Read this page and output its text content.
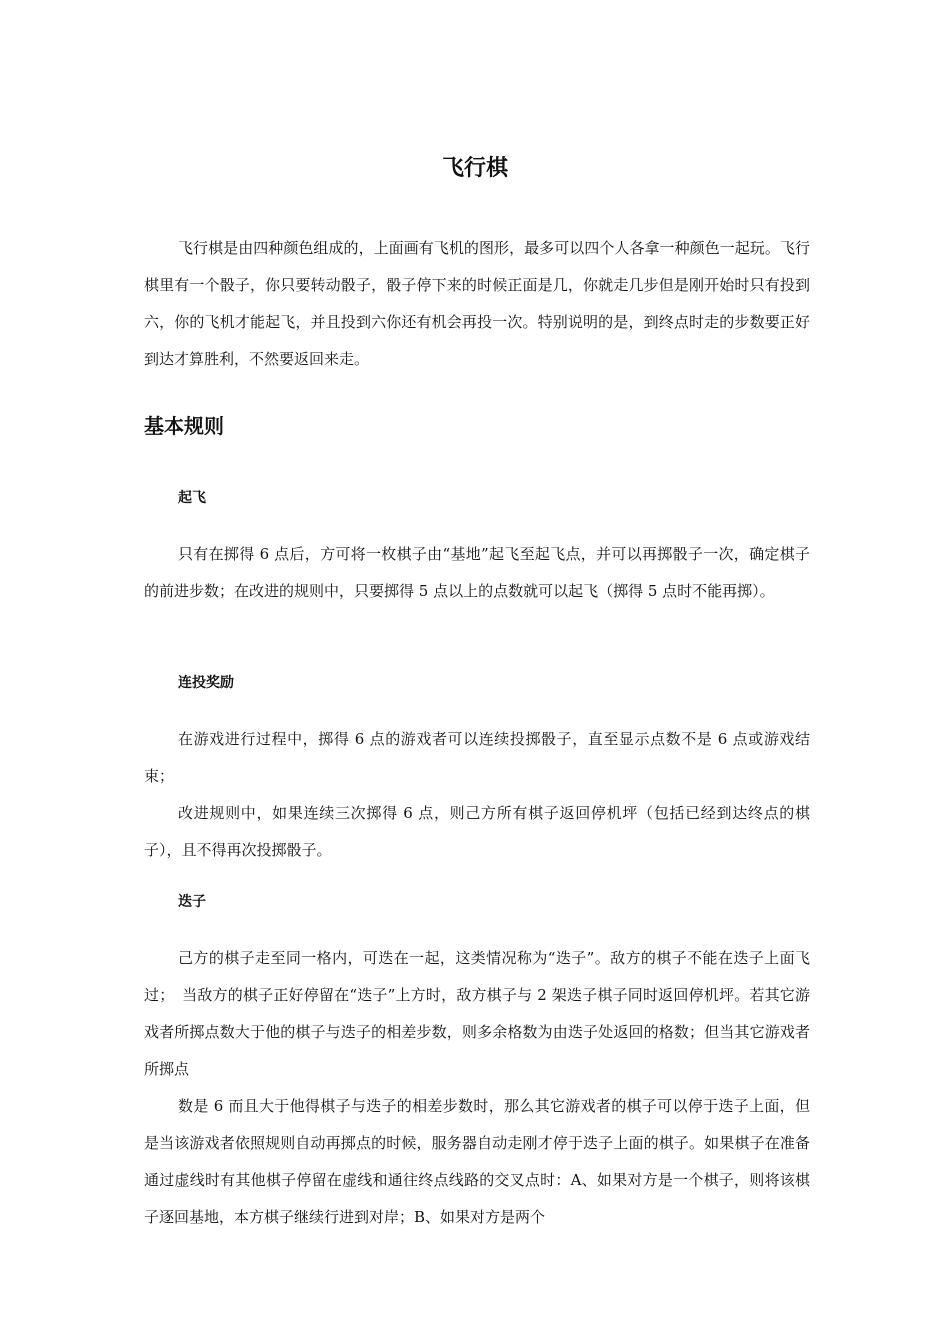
飞行棋

飞行棋是由四种颜色组成的，上面画有飞机的图形，最多可以四个人各拿一种颜色一起玩。飞行棋里有一个骰子，你只要转动骰子，骰子停下来的时候正面是几，你就走几步但是刚开始时只有投到六，你的飞机才能起飞，并且投到六你还有机会再投一次。特别说明的是，到终点时走的步数要正好到达才算胜利，不然要返回来走。

基本规则
起飞

只有在掷得 6 点后，方可将一枚棋子由“基地”起飞至起飞点，并可以再掷骰子一次，确定棋子的前进步数；在改进的规则中，只要掷得 5 点以上的点数就可以起飞（掷得 5 点时不能再掷）。

连投奖励

在游戏进行过程中，掷得 6 点的游戏者可以连续投掷骰子，直至显示点数不是 6 点或游戏结束；

改进规则中，如果连续三次掷得 6 点，则己方所有棋子返回停机坪（包括已经到达终点的棋子），且不得再次投掷骰子。

迭子

己方的棋子走至同一格内，可迭在一起，这类情况称为“迭子”。敌方的棋子不能在迭子上面飞过；　当敌方的棋子正好停留在“迭子”上方时，敌方棋子与 2 架迭子棋子同时返回停机坪。若其它游戏者所掷点数大于他的棋子与迭子的相差步数，则多余格数为由迭子处返回的格数；但当其它游戏者所掷点

数是 6 而且大于他得棋子与迭子的相差步数时，那么其它游戏者的棋子可以停于迭子上面，但是当该游戏者依照规则自动再掷点的时候，服务器自动走刚才停于迭子上面的棋子。如果棋子在准备通过虚线时有其他棋子停留在虚线和通往终点线路的交叉点时：A、如果对方是一个棋子，则将该棋子逐回基地，本方棋子继续行进到对岸；B、如果对方是两个
